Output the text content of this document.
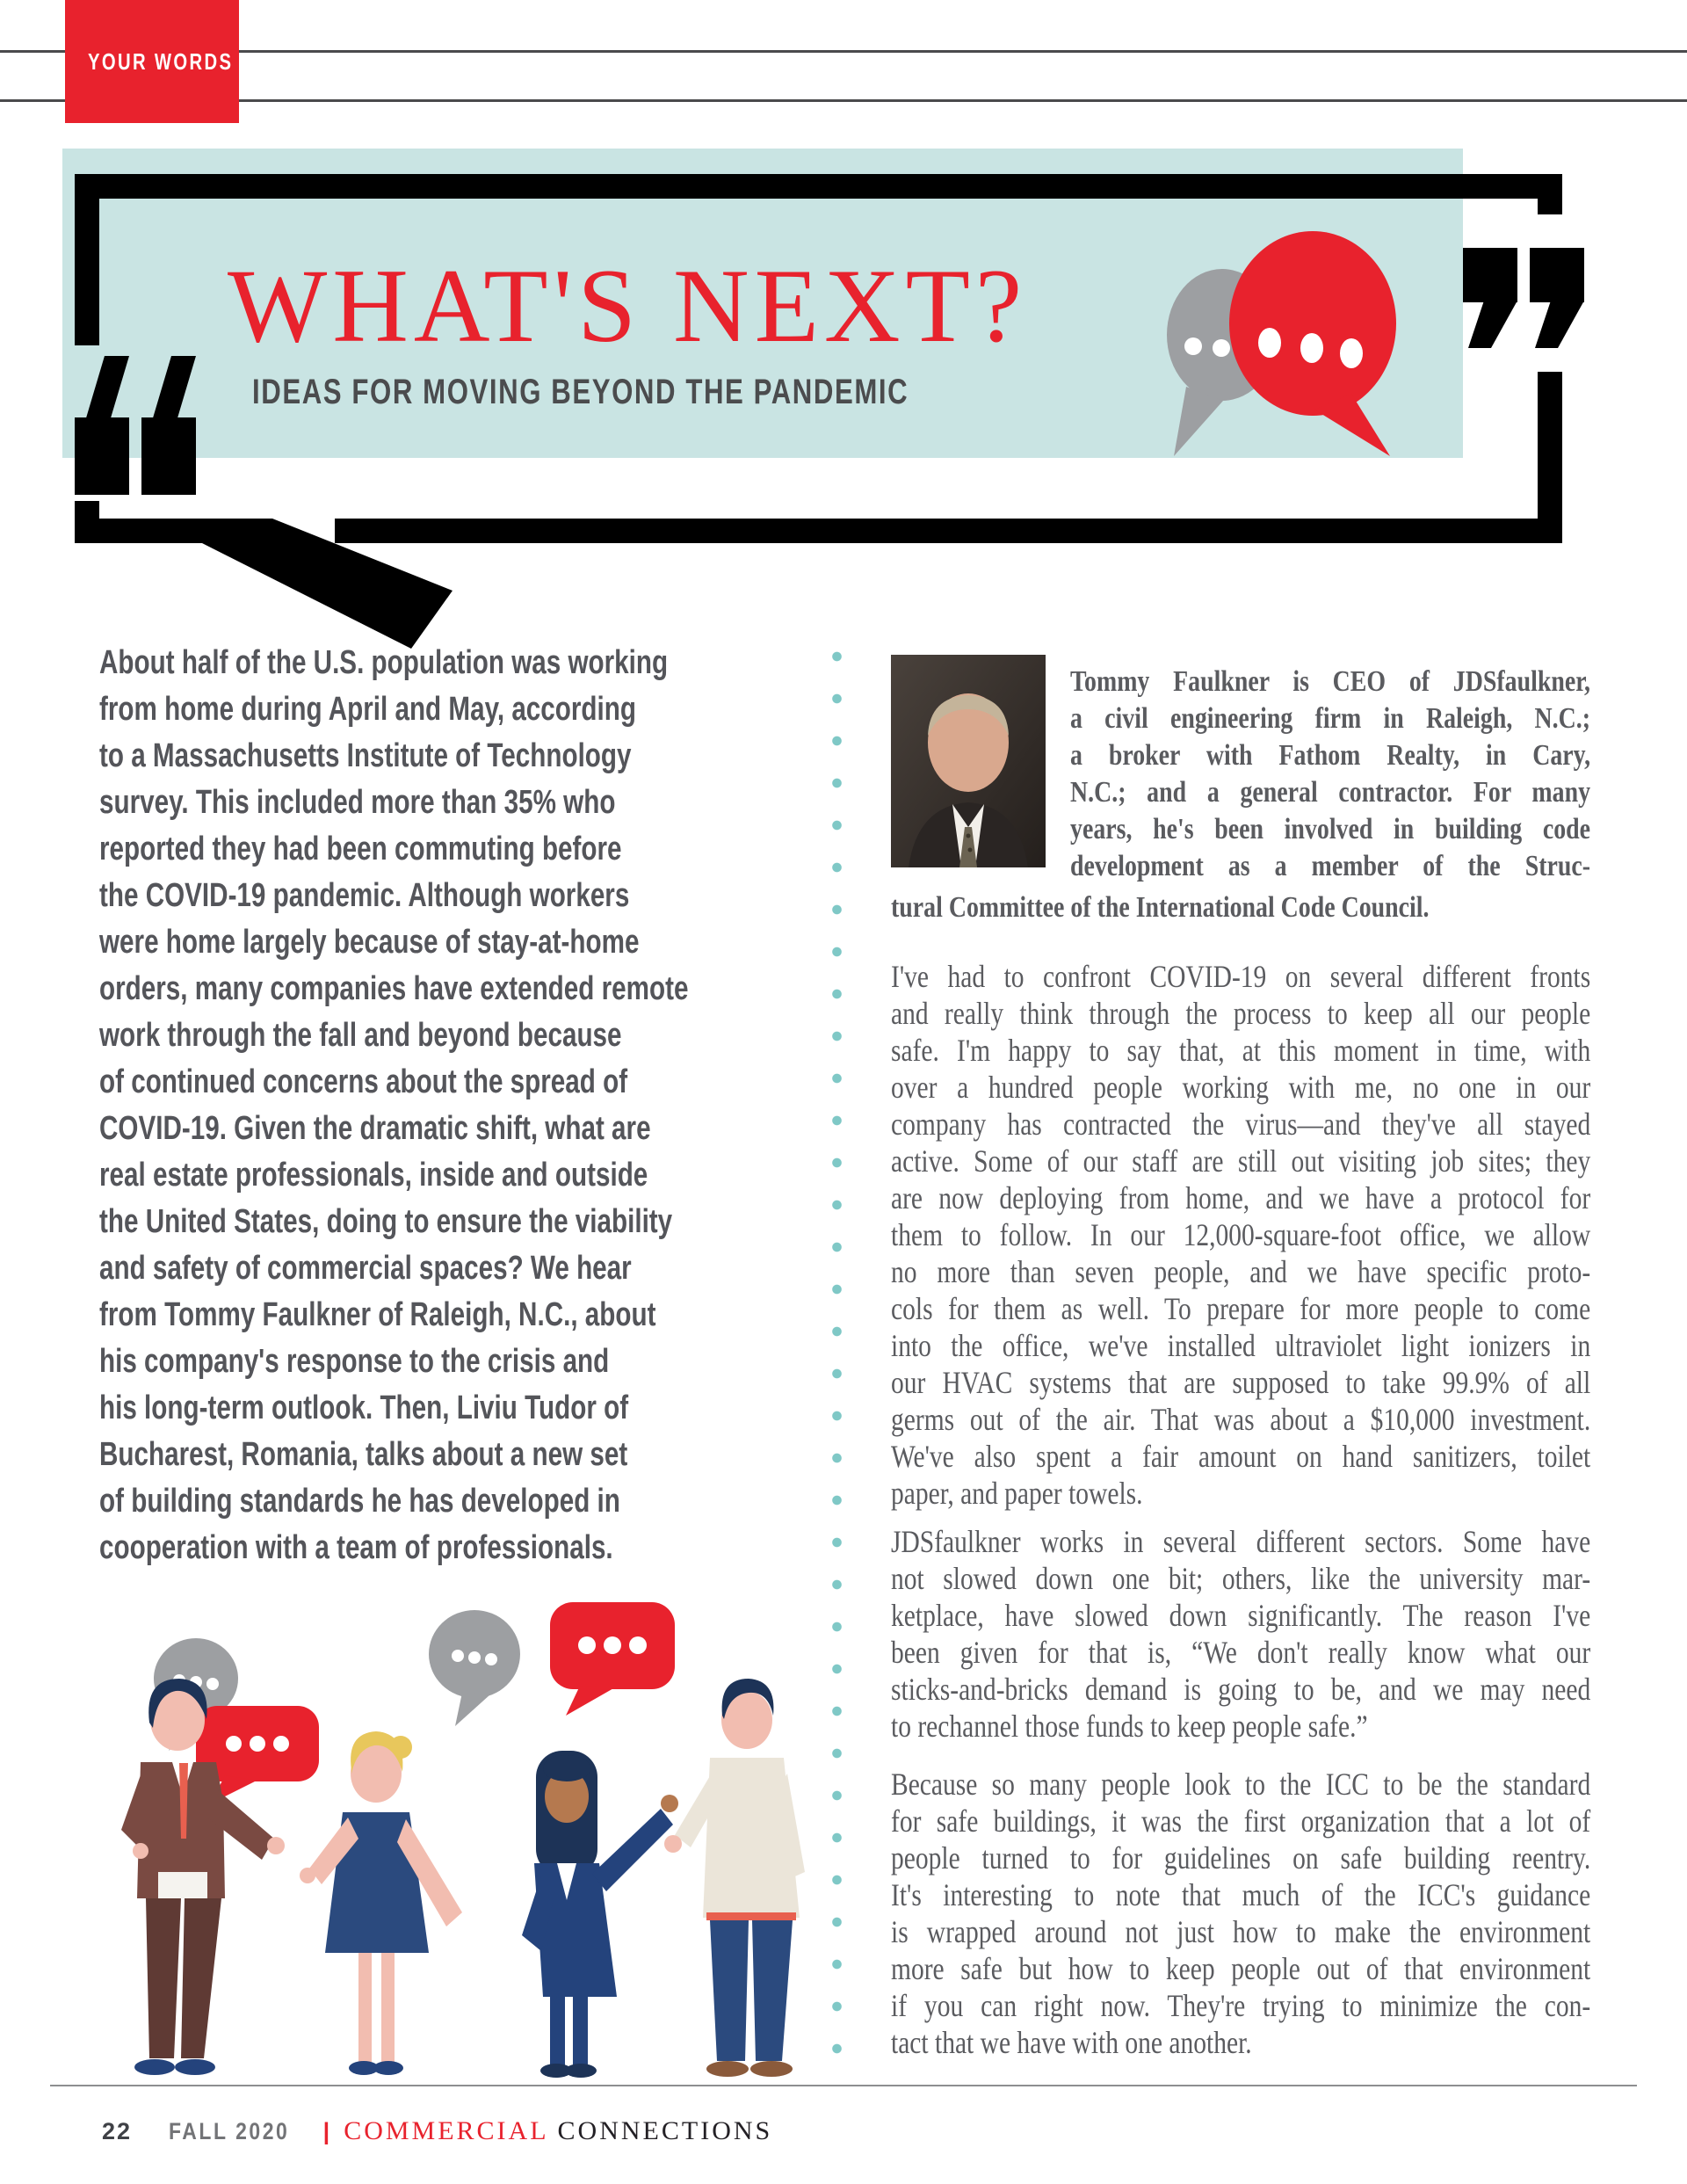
YOUR WORDS
WHAT'S NEXT?
IDEAS FOR MOVING BEYOND THE PANDEMIC
About half of the U.S. population was working
from home during April and May, according
to a Massachusetts Institute of Technology
survey. This included more than 35% who
reported they had been commuting before
the COVID-19 pandemic. Although workers
were home largely because of stay-at-home
orders, many companies have extended remote
work through the fall and beyond because
of continued concerns about the spread of
COVID-19. Given the dramatic shift, what are
real estate professionals, inside and outside
the United States, doing to ensure the viability
and safety of commercial spaces? We hear
from Tommy Faulkner of Raleigh, N.C., about
his company's response to the crisis and
his long-term outlook. Then, Liviu Tudor of
Bucharest, Romania, talks about a new set
of building standards he has developed in
cooperation with a team of professionals.
Tommy Faulkner is CEO of JDSfaulkner,
a civil engineering firm in Raleigh, N.C.;
a broker with Fathom Realty, in Cary,
N.C.; and a general contractor. For many
years, he's been involved in building code
development as a member of the Struc-
tural Committee of the International Code Council.
I've had to confront COVID-19 on several different fronts
and really think through the process to keep all our people
safe. I'm happy to say that, at this moment in time, with
over a hundred people working with me, no one in our
company has contracted the virus—and they've all stayed
active. Some of our staff are still out visiting job sites; they
are now deploying from home, and we have a protocol for
them to follow. In our 12,000-square-foot office, we allow
no more than seven people, and we have specific proto-
cols for them as well. To prepare for more people to come
into the office, we've installed ultraviolet light ionizers in
our HVAC systems that are supposed to take 99.9% of all
germs out of the air. That was about a $10,000 investment.
We've also spent a fair amount on hand sanitizers, toilet
paper, and paper towels.
JDSfaulkner works in several different sectors. Some have
not slowed down one bit; others, like the university mar-
ketplace, have slowed down significantly. The reason I've
been given for that is, “We don't really know what our
sticks-and-bricks demand is going to be, and we may need
to rechannel those funds to keep people safe.”
Because so many people look to the ICC to be the standard
for safe buildings, it was the first organization that a lot of
people turned to for guidelines on safe building reentry.
It's interesting to note that much of the ICC's guidance
is wrapped around not just how to make the environment
more safe but how to keep people out of that environment
if you can right now. They're trying to minimize the con-
tact that we have with one another.
22 FALL 2020 | COMMERCIAL CONNECTIONS
